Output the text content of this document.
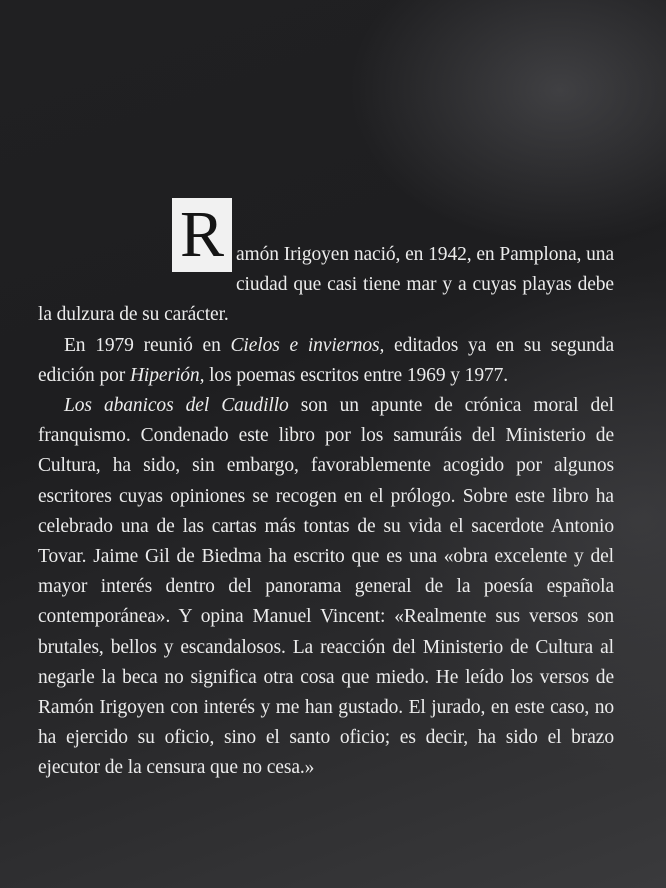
R amón Irigoyen nació, en 1942, en Pamplona, una ciudad que casi tiene mar y a cuyas playas debe la dulzura de su carácter.

En 1979 reunió en Cielos e inviernos, editados ya en su segunda edición por Hiperión, los poemas escritos entre 1969 y 1977.

Los abanicos del Caudillo son un apunte de crónica moral del franquismo. Condenado este libro por los samuráis del Ministerio de Cultura, ha sido, sin embargo, favorablemente acogido por algunos escritores cuyas opiniones se recogen en el prólogo. Sobre este libro ha celebrado una de las cartas más tontas de su vida el sacerdote Antonio Tovar. Jaime Gil de Biedma ha escrito que es una «obra excelente y del mayor interés dentro del panorama general de la poesía española contemporánea». Y opina Manuel Vincent: «Realmente sus versos son brutales, bellos y escandalosos. La reacción del Ministerio de Cultura al negarle la beca no significa otra cosa que miedo. He leído los versos de Ramón Irigoyen con interés y me han gustado. El jurado, en este caso, no ha ejercido su oficio, sino el santo oficio; es decir, ha sido el brazo ejecutor de la censura que no cesa.»
